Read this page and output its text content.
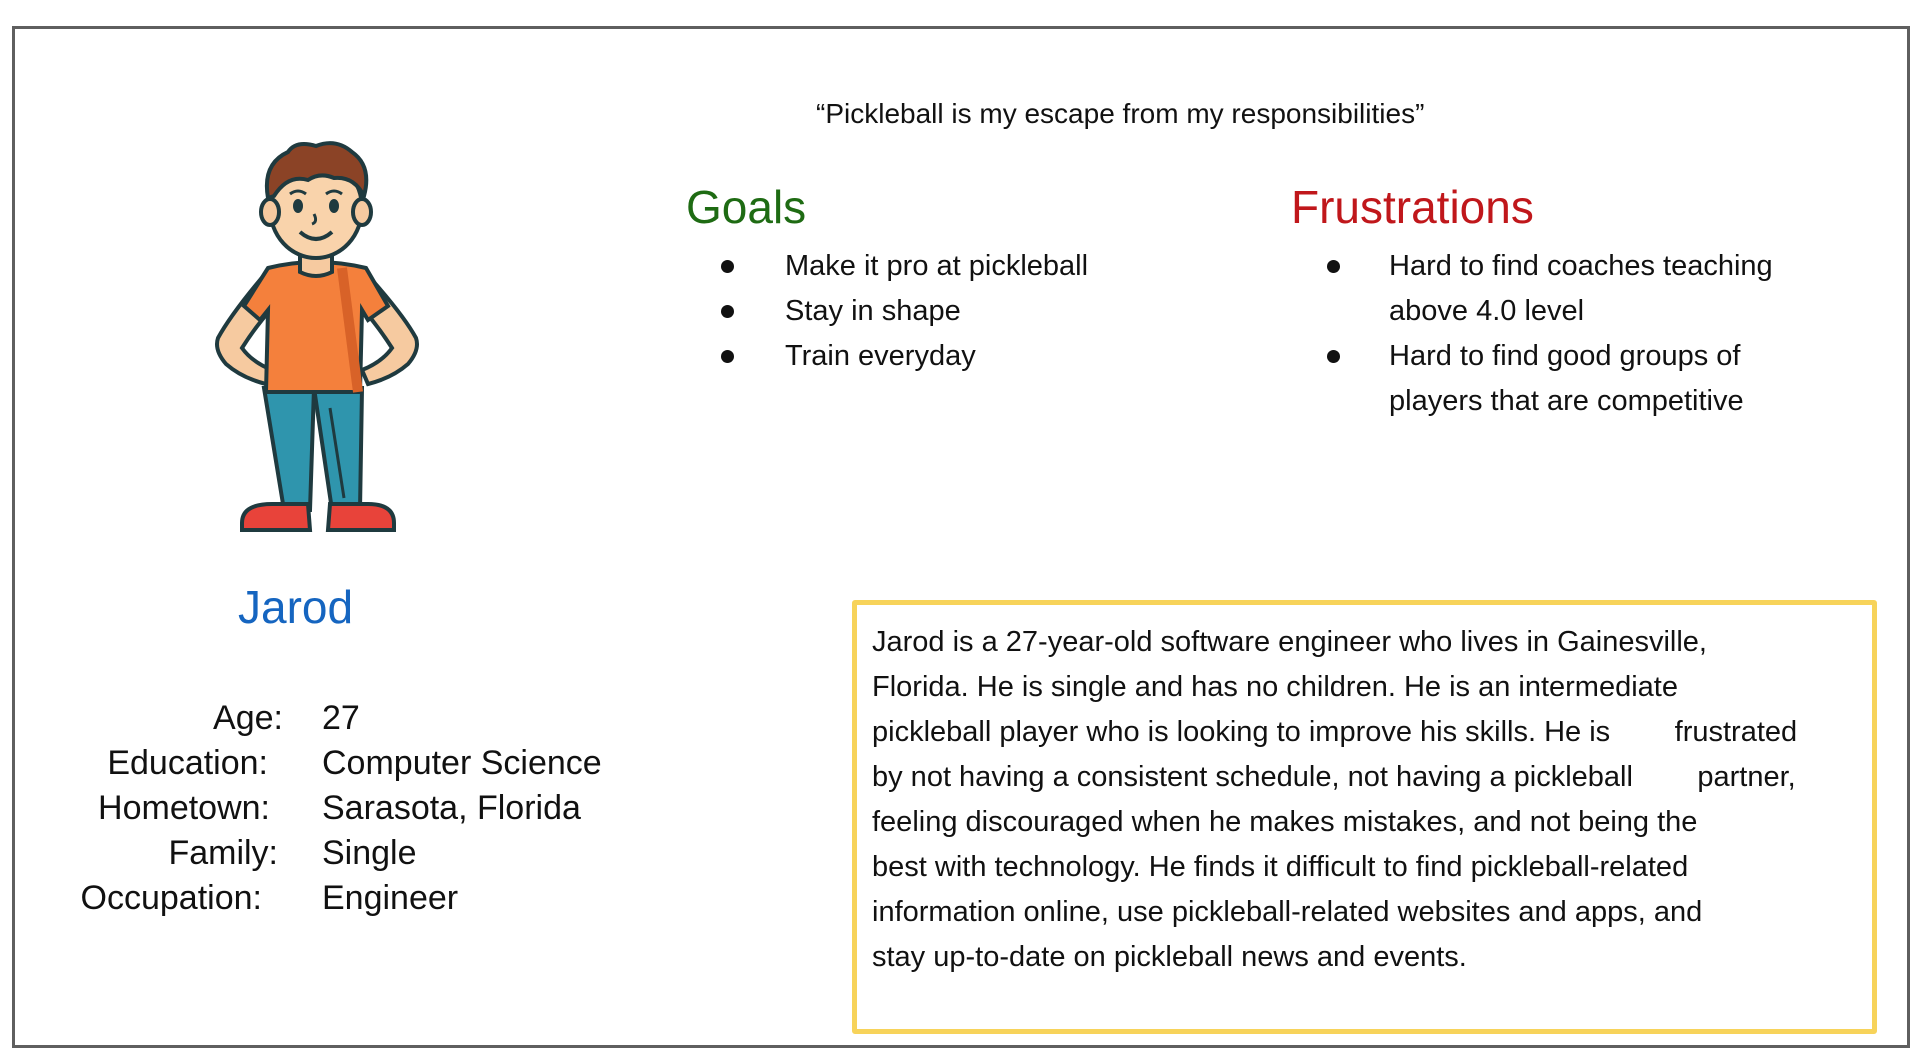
“Pickleball is my escape from my responsibilities”
Goals
Make it pro at pickleball
Stay in shape
Train everyday
Frustrations
Hard to find coaches teaching
above 4.0 level
Hard to find good groups of
players that are competitive
Jarod
Age: 27
Education: Computer Science
Hometown: Sarasota, Florida
Family: Single
Occupation: Engineer

Jarod is a 27-year-old software engineer who lives in Gainesville,
Florida. He is single and has no children. He is an intermediate
pickleball player who is looking to improve his skills. He is        frustrated
by not having a consistent schedule, not having a pickleball        partner,
feeling discouraged when he makes mistakes, and not being the
best with technology. He finds it difficult to find pickleball-related
information online, use pickleball-related websites and apps, and
stay up-to-date on pickleball news and events.
